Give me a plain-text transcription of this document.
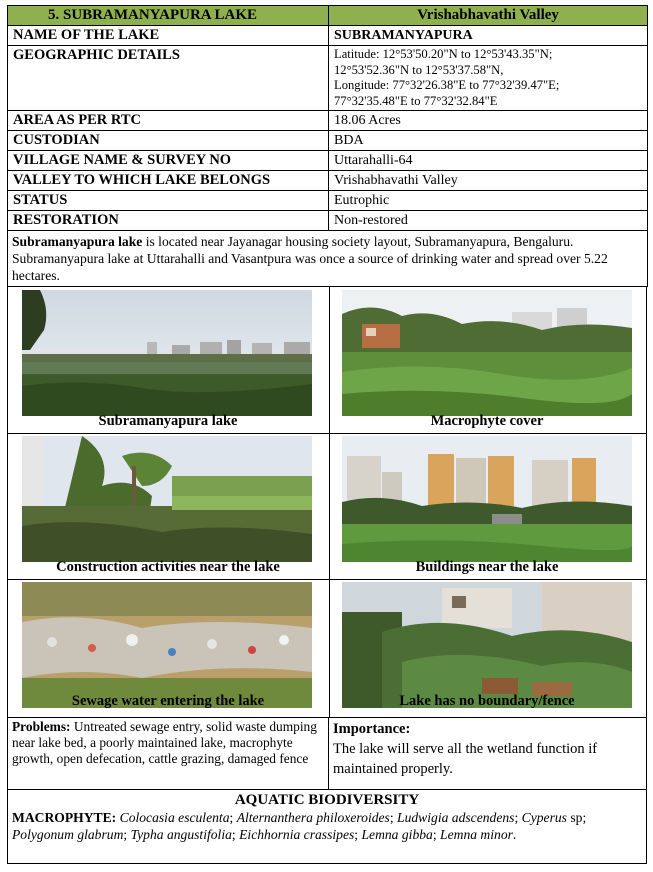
5. SUBRAMANYAPURA LAKE	Vrishabhavathi Valley
NAME OF THE LAKE	SUBRAMANYAPURA
GEOGRAPHIC DETAILS	Latitude: 12°53'50.20"N to 12°53'43.35"N;
12°53'52.36"N to 12°53'37.58"N,
Longitude: 77°32'26.38"E to 77°32'39.47"E;
77°32'35.48"E to 77°32'32.84"E

AREA AS PER RTC	18.06 Acres
CUSTODIAN	BDA
VILLAGE NAME & SURVEY NO	Uttarahalli-64
VALLEY TO WHICH LAKE BELONGS	Vrishabhavathi Valley
STATUS	Eutrophic
RESTORATION	Non-restored
Subramanyapura lake is located near Jayanagar housing society layout, Subramanyapura, Bengaluru. Subramanyapura lake at Uttarahalli and Vasantpura was once a source of drinking water and spread over 5.22 hectares.	
Subramanyapura lake	Macrophyte cover
Construction activities near the lake	Buildings near the lake
Sewage water entering the lake	Lake has no boundary/fence
Problems: Untreated sewage entry, solid waste dumping near lake bed, a poorly maintained lake, macrophyte growth, open defecation, cattle grazing, damaged fence
Importance:
The lake will serve all the wetland function if maintained properly.
AQUATIC BIODIVERSITY
MACROPHYTE: Colocasia esculenta; Alternanthera philoxeroides; Ludwigia adscendens; Cyperus sp; Polygonum glabrum; Typha angustifolia; Eichhornia crassipes; Lemna gibba; Lemna minor.
